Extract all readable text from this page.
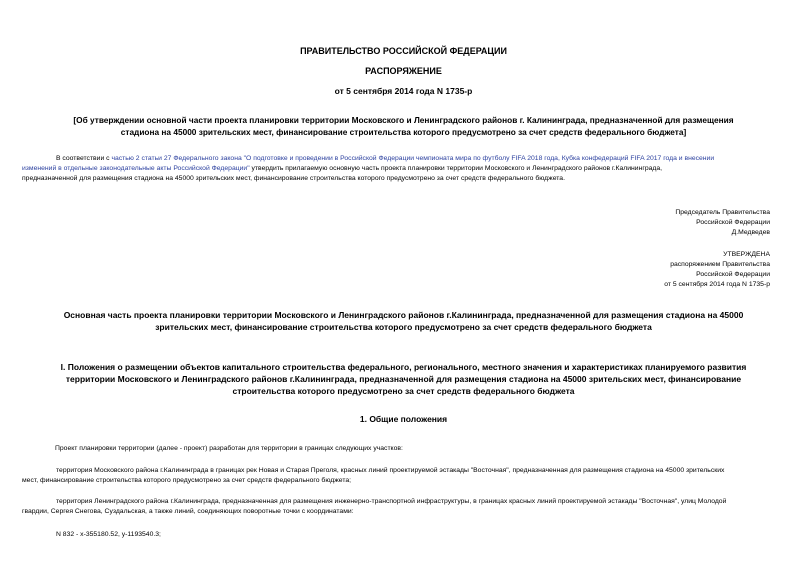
ПРАВИТЕЛЬСТВО РОССИЙСКОЙ ФЕДЕРАЦИИ
РАСПОРЯЖЕНИЕ
от 5 сентября 2014 года N 1735-р
[Об утверждении основной части проекта планировки территории Московского и Ленинградского районов г. Калининграда, предназначенной для размещения
стадиона на 45000 зрительских мест, финансирование строительства которого предусмотрено за счет средств федерального бюджета]

В соответствии с частью 2 статьи 27 Федерального закона "О подготовке и проведении в Российской Федерации чемпионата мира по футболу FIFA 2018 года, Кубка конфедераций FIFA 2017 года и внесении

изменений в отдельные законодательные акты Российской Федерации" утвердить прилагаемую основную часть проекта планировки территории Московского и Ленинградского районов г.Калининграда,

предназначенной для размещения стадиона на 45000 зрительских мест, финансирование строительства которого предусмотрено за счет средств федерального бюджета.

Председатель Правительства

Российской Федерации

Д.Медведев

УТВЕРЖДЕНА

распоряжением Правительства

Российской Федерации

от 5 сентября 2014 года N 1735-р

Основная часть проекта планировки территории Московского и Ленинградского районов г.Калининграда, предназначенной для размещения стадиона на 45000
зрительских мест, финансирование строительства которого предусмотрено за счет средств федерального бюджета
I. Положения о размещении объектов капитального строительства федерального, регионального, местного значения и характеристиках планируемого развития
территории Московского и Ленинградского районов г.Калининграда, предназначенной для размещения стадиона на 45000 зрительских мест, финансирование
строительства которого предусмотрено за счет средств федерального бюджета
1. Общие положения
Проект планировки территории (далее - проект) разработан для территории в границах следующих участков:

территория Московского района г.Калининграда в границах рек Новая и Старая Преголя, красных линий проектируемой эстакады "Восточная", предназначенная для размещения стадиона на 45000 зрительских

мест, финансирование строительства которого предусмотрено за счет средств федерального бюджета;

территория Ленинградского района г.Калининграда, предназначенная для размещения инженерно-транспортной инфраструктуры, в границах красных линий проектируемой эстакады "Восточная", улиц Молодой

гвардии, Сергея Снегова, Суздальская, а также линий, соединяющих поворотные точки с координатами:

N 832 - х-355180.52, у-1193540.3;
